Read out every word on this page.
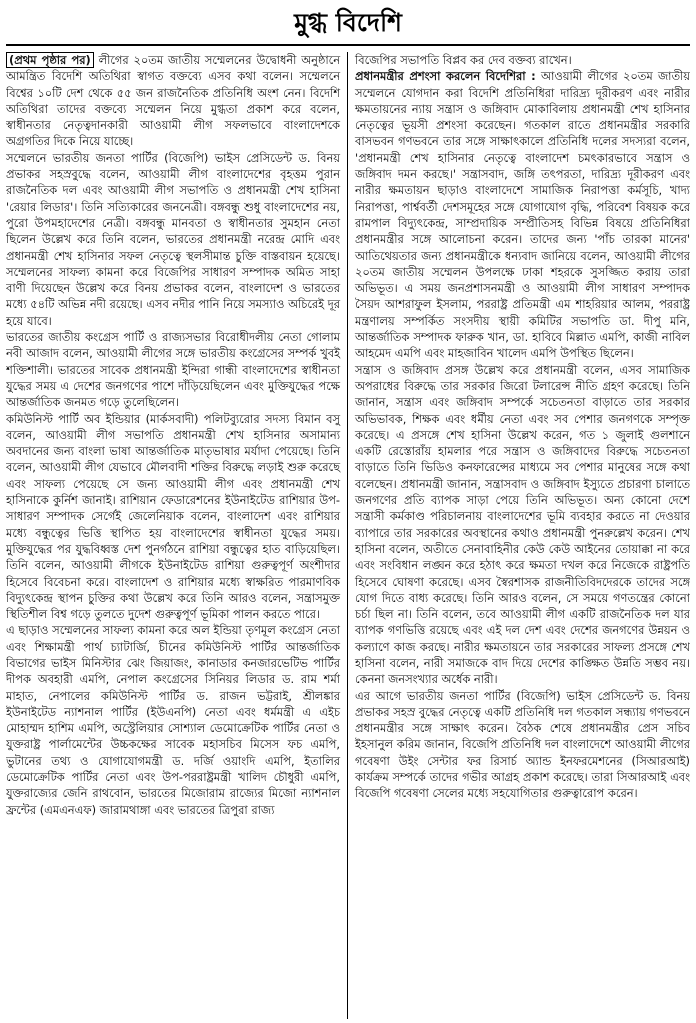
মুগ্ধ বিদেশি

(প্রথম পৃষ্ঠার পর) লীগের ২০তম জাতীয় সম্মেলনের উদ্বোধনী অনুষ্ঠানে আমন্ত্রিত বিদেশি অতিথিরা স্বাগত বক্তব্যে এসব কথা বলেন। সম্মেলনে বিশ্বের ১০টি দেশ থেকে ৫৫ জন রাজনৈতিক প্রতিনিধি অংশ নেন। বিদেশি অতিথিরা তাদের বক্তব্যে সম্মেলন নিয়ে মুগ্ধতা প্রকাশ করে বলেন, স্বাধীনতার নেতৃত্বদানকারী আওয়ামী লীগ সফলভাবে বাংলাদেশকে অগ্রগতির দিকে নিয়ে যাচ্ছে।

সম্মেলনে ভারতীয় জনতা পার্টির (বিজেপি) ভাইস প্রেসিডেন্ট ড. বিনয় প্রভাকর সহস্রবুদ্ধে বলেন, আওয়ামী লীগ বাংলাদেশের বৃহত্তম পুরান রাজনৈতিক দল এবং আওয়ামী লীগ সভাপতি ও প্রধানমন্ত্রী শেখ হাসিনা 'রেয়ার লিডার'। তিনি সত্যিকারের জননেত্রী। বঙ্গবন্ধু শুধু বাংলাদেশের নয়, পুরো উপমহাদেশের নেত্রী। বঙ্গবন্ধু মানবতা ও স্বাধীনতার সুমহান নেতা ছিলেন উল্লেখ করে তিনি বলেন, ভারতের প্রধানমন্ত্রী নরেন্দ্র মোদি এবং প্রধানমন্ত্রী শেখ হাসিনার সফল নেতৃত্বে স্থলসীমান্ত চুক্তি বাস্তবায়ন হয়েছে। সম্মেলনের সাফল্য কামনা করে বিজেপির সাধারণ সম্পাদক অমিত সাহা বাণী দিয়েছেন উল্লেখ করে বিনয় প্রভাকর বলেন, বাংলাদেশ ও ভারতের মধ্যে ৫৪টি অভিন্ন নদী রয়েছে। এসব নদীর পানি নিয়ে সমস্যাও অচিরেই দূর হয়ে যাবে।

ভারতের জাতীয় কংগ্রেস পার্টি ও রাজ্যসভার বিরোধীদলীয় নেতা গোলাম নবী আজাদ বলেন, আওয়ামী লীগের সঙ্গে ভারতীয় কংগ্রেসের সম্পর্ক খুবই শক্তিশালী। ভারতের সাবেক প্রধানমন্ত্রী ইন্দিরা গান্ধী বাংলাদেশের স্বাধীনতা যুদ্ধের সময় এ দেশের জনগণের পাশে দাঁড়িয়েছিলেন এবং মুক্তিযুদ্ধের পক্ষে আন্তর্জাতিক জনমত গড়ে তুলেছিলেন।

কমিউনিস্ট পার্টি অব ইন্ডিয়ার (মার্কসবাদী) পলিটব্যুরোর সদস্য বিমান বসু বলেন, আওয়ামী লীগ সভাপতি প্রধানমন্ত্রী শেখ হাসিনার অসামান্য অবদানের জন্য বাংলা ভাষা আন্তর্জাতিক মাতৃভাষার মর্যাদা পেয়েছে। তিনি বলেন, আওয়ামী লীগ যেভাবে মৌলবাদী শক্তির বিরুদ্ধে লড়াই শুরু করেছে এবং সাফল্য পেয়েছে সে জন্য আওয়ামী লীগ এবং প্রধানমন্ত্রী শেখ হাসিনাকে কুর্নিশ জানাই। রাশিয়ান ফেডারেশনের ইউনাইটেড রাশিয়ার উপ-সাধারণ সম্পাদক সের্গেই জেলেনিয়াক বলেন, বাংলাদেশ এবং রাশিয়ার মধ্যে বন্ধুত্বের ভিত্তি স্থাপিত হয় বাংলাদেশের স্বাধীনতা যুদ্ধের সময়। মুক্তিযুদ্ধের পর যুদ্ধবিধ্বস্ত দেশ পুনর্গঠনে রাশিয়া বন্ধুত্বের হাত বাড়িয়েছিল। তিনি বলেন, আওয়ামী লীগকে ইউনাইটেড রাশিয়া গুরুত্বপূর্ণ অংশীদার হিসেবে বিবেচনা করে। বাংলাদেশ ও রাশিয়ার মধ্যে স্বাক্ষরিত পারমাণবিক বিদ্যুৎকেন্দ্র স্থাপন চুক্তির কথা উল্লেখ করে তিনি আরও বলেন, সন্ত্রাসমুক্ত স্থিতিশীল বিশ্ব গড়ে তুলতে দুদেশ গুরুত্বপূর্ণ ভূমিকা পালন করতে পারে।

এ ছাড়াও সম্মেলনের সাফল্য কামনা করে অল ইন্ডিয়া তৃণমূল কংগ্রেস নেতা এবং শিক্ষামন্ত্রী পার্থ চ্যাটার্জি, চীনের কমিউনিস্ট পার্টির আন্তর্জাতিক বিভাগের ভাইস মিনিস্টার ঝেং জিয়াজং, কানাডার কনজারভেটিভ পার্টির দীপক অবহারী এমপি, নেপাল কংগ্রেসের সিনিয়র লিডার ড. রাম শর্মা মাহাত, নেপালের কমিউনিস্ট পার্টির ড. রাজন ভট্টরাই, শ্রীলঙ্কার ইউনাইটেড ন্যাশনাল পার্টির (ইউএনপি) নেতা এবং ধর্মমন্ত্রী এ এইচ মোহাম্মদ হাশিম এমপি, অস্ট্রেলিয়ার সোশ্যাল ডেমোক্রেটিক পার্টির নেতা ও যুক্তরাষ্ট্র পার্লামেন্টের উচ্চকক্ষের সাবেক মহাসচিব মিসেস ফচ এমপি, ভুটানের তথ্য ও যোগাযোগমন্ত্রী ড. দর্জি ওয়াংদি এমপি, ইতালির ডেমোক্রেটিক পার্টির নেতা এবং উপ-পররাষ্ট্রমন্ত্রী খালিদ চৌধুরী এমপি, যুক্তরাজ্যের জেনি রাথবোন, ভারতের মিজোরাম রাজ্যের মিজো ন্যাশনাল ফ্রন্টের (এমএনএফ) জারামথাঙ্গা এবং ভারতের ত্রিপুরা রাজ্য

বিজেপির সভাপতি বিপ্লব কর দেব বক্তব্য রাখেন।

প্রধানমন্ত্রীর প্রশংসা করলেন বিদেশিরা : আওয়ামী লীগের ২০তম জাতীয় সম্মেলনে যোগদান করা বিদেশি প্রতিনিধিরা দারিদ্র্য দূরীকরণ এবং নারীর ক্ষমতায়নের ন্যায় সন্ত্রাস ও জঙ্গিবাদ মোকাবিলায় প্রধানমন্ত্রী শেখ হাসিনার নেতৃত্বের ভূয়সী প্রশংসা করেছেন। গতকাল রাতে প্রধানমন্ত্রীর সরকারি বাসভবন গণভবনে তার সঙ্গে সাক্ষাৎকালে প্রতিনিধি দলের সদস্যরা বলেন, 'প্রধানমন্ত্রী শেখ হাসিনার নেতৃত্বে বাংলাদেশ চমৎকারভাবে সন্ত্রাস ও জঙ্গিবাদ দমন করছে।' সন্ত্রাসবাদ, জঙ্গি তৎপরতা, দারিদ্র্য দূরীকরণ এবং নারীর ক্ষমতায়ন ছাড়াও বাংলাদেশে সামাজিক নিরাপত্তা কর্মসূচি, খাদ্য নিরাপত্তা, পার্শ্ববর্তী দেশসমূহের সঙ্গে যোগাযোগ বৃদ্ধি, পরিবেশ বিষয়ক করে রামপাল বিদ্যুৎকেন্দ্র, সাম্প্রদায়িক সম্প্রীতিসহ বিভিন্ন বিষয়ে প্রতিনিধিরা প্রধানমন্ত্রীর সঙ্গে আলোচনা করেন। তাদের জন্য 'পাঁচ তারকা মানের' আতিথেয়তার জন্য প্রধানমন্ত্রীকে ধন্যবাদ জানিয়ে বলেন, আওয়ামী লীগের ২০তম জাতীয় সম্মেলন উপলক্ষে ঢাকা শহরকে সুসজ্জিত করায় তারা অভিভূত। এ সময় জনপ্রশাসনমন্ত্রী ও আওয়ামী লীগ সাধারণ সম্পাদক সৈয়দ আশরাফুল ইসলাম, পররাষ্ট্র প্রতিমন্ত্রী এম শাহরিয়ার আলম, পররাষ্ট্র মন্ত্রণালয় সম্পর্কিত সংসদীয় স্থায়ী কমিটির সভাপতি ডা. দীপু মনি, আন্তর্জাতিক সম্পাদক ফারুক খান, ডা. হাবিবে মিল্লাত এমপি, কাজী নাবিল আহমেদ এমপি এবং মাহজাবিন খালেদ এমপি উপস্থিত ছিলেন।

সন্ত্রাস ও জঙ্গিবাদ প্রসঙ্গ উল্লেখ করে প্রধানমন্ত্রী বলেন, এসব সামাজিক অপরাধের বিরুদ্ধে তার সরকার জিরো টলারেন্স নীতি গ্রহণ করেছে। তিনি জানান, সন্ত্রাস এবং জঙ্গিবাদ সম্পর্কে সচেতনতা বাড়াতে তার সরকার অভিভাবক, শিক্ষক এবং ধর্মীয় নেতা এবং সব পেশার জনগণকে সম্পৃক্ত করেছে। এ প্রসঙ্গে শেখ হাসিনা উল্লেখ করেন, গত ১ জুলাই গুলশানে একটি রেস্তোরাঁয় হামলার পরে সন্ত্রাস ও জঙ্গিবাদের বিরুদ্ধে সচেতনতা বাড়াতে তিনি ভিডিও কনফারেন্সের মাধ্যমে সব পেশার মানুষের সঙ্গে কথা বলেছেন। প্রধানমন্ত্রী জানান, সন্ত্রাসবাদ ও জঙ্গিবাদ ইস্যুতে প্রচারণা চালাতে জনগণের প্রতি ব্যাপক সাড়া পেয়ে তিনি অভিভূত। অন্য কোনো দেশে সন্ত্রাসী কর্মকাণ্ড পরিচালনায় বাংলাদেশের ভূমি ব্যবহার করতে না দেওয়ার ব্যাপারে তার সরকারের অবস্থানের কথাও প্রধানমন্ত্রী পুনরুল্লেখ করেন। শেখ হাসিনা বলেন, অতীতে সেনাবাহিনীর কেউ কেউ আইনের তোয়াক্কা না করে এবং সংবিধান লঙ্ঘন করে হঠাৎ করে ক্ষমতা দখল করে নিজেকে রাষ্ট্রপতি হিসেবে ঘোষণা করেছে। এসব স্বৈরশাসক রাজনীতিবিদদেরকে তাদের সঙ্গে যোগ দিতে বাধ্য করেছে। তিনি আরও বলেন, সে সময়ে গণতন্ত্রের কোনো চর্চা ছিল না। তিনি বলেন, তবে আওয়ামী লীগ একটি রাজনৈতিক দল যার ব্যাপক গণভিত্তি রয়েছে এবং এই দল দেশ এবং দেশের জনগণের উন্নয়ন ও কল্যাণে কাজ করছে। নারীর ক্ষমতায়নে তার সরকারের সাফল্য প্রসঙ্গে শেখ হাসিনা বলেন, নারী সমাজকে বাদ দিয়ে দেশের কাঙ্ক্ষিত উন্নতি সম্ভব নয়। কেননা জনসংখ্যার অর্ধেক নারী।

এর আগে ভারতীয় জনতা পার্টির (বিজেপি) ভাইস প্রেসিডেন্ট ড. বিনয় প্রভাকর সহস্র বুদ্ধের নেতৃত্বে একটি প্রতিনিধি দল গতকাল সন্ধ্যায় গণভবনে প্রধানমন্ত্রীর সঙ্গে সাক্ষাৎ করেন। বৈঠক শেষে প্রধানমন্ত্রীর প্রেস সচিব ইহসানুল করিম জানান, বিজেপি প্রতিনিধি দল বাংলাদেশে আওয়ামী লীগের গবেষণা উইং সেন্টার ফর রিসার্চ অ্যান্ড ইনফরমেশনের (সিআরআই) কার্যক্রম সম্পর্কে তাদের গভীর আগ্রহ প্রকাশ করেছে। তারা সিআরআই এবং বিজেপি গবেষণা সেলের মধ্যে সহযোগিতার গুরুত্বারোপ করেন।
